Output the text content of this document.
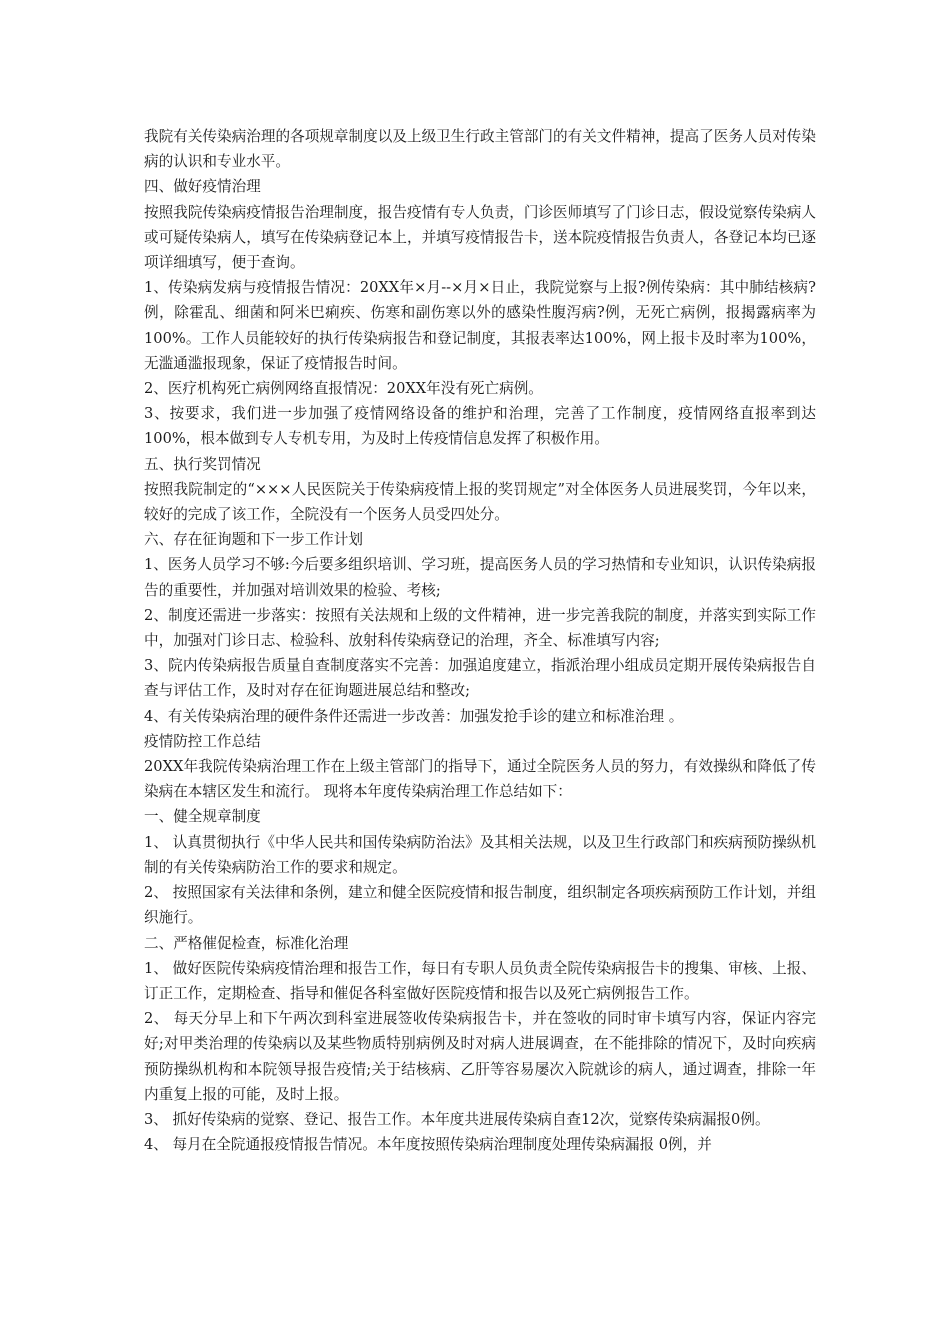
我院有关传染病治理的各项规章制度以及上级卫生行政主管部门的有关文件精神，提高了医务人员对传染病的认识和专业水平。

四、做好疫情治理

按照我院传染病疫情报告治理制度，报告疫情有专人负责，门诊医师填写了门诊日志，假设觉察传染病人或可疑传染病人，填写在传染病登记本上，并填写疫情报告卡，送本院疫情报告负责人，各登记本均已逐项详细填写，便于查询。

1、传染病发病与疫情报告情况：20XX年×月--×月×日止，我院觉察与上报?例传染病：其中肺结核病?例，除霍乱、细菌和阿米巴痢疾、伤寒和副伤寒以外的感染性腹泻病?例，无死亡病例，报揭露病率为100%。工作人员能较好的执行传染病报告和登记制度，其报表率达100%，网上报卡及时率为100%，无滥通滥报现象，保证了疫情报告时间。

2、医疗机构死亡病例网络直报情况：20XX年没有死亡病例。

3、按要求，我们进一步加强了疫情网络设备的维护和治理，完善了工作制度，疫情网络直报率到达100%，根本做到专人专机专用，为及时上传疫情信息发挥了积极作用。

五、执行奖罚情况

按照我院制定的“×××人民医院关于传染病疫情上报的奖罚规定”对全体医务人员进展奖罚，今年以来，较好的完成了该工作，全院没有一个医务人员受四处分。

六、存在征询题和下一步工作计划

1、医务人员学习不够:今后要多组织培训、学习班，提高医务人员的学习热情和专业知识，认识传染病报告的重要性，并加强对培训效果的检验、考核;

2、制度还需进一步落实：按照有关法规和上级的文件精神，进一步完善我院的制度，并落实到实际工作中，加强对门诊日志、检验科、放射科传染病登记的治理，齐全、标准填写内容;

3、院内传染病报告质量自查制度落实不完善：加强追度建立，指派治理小组成员定期开展传染病报告自查与评估工作，及时对存在征询题进展总结和整改;

4、有关传染病治理的硬件条件还需进一步改善：加强发抢手诊的建立和标准治理 。

疫情防控工作总结

20XX年我院传染病治理工作在上级主管部门的指导下，通过全院医务人员的努力，有效操纵和降低了传染病在本辖区发生和流行。 现将本年度传染病治理工作总结如下：

一、健全规章制度

1、 认真贯彻执行《中华人民共和国传染病防治法》及其相关法规，以及卫生行政部门和疾病预防操纵机制的有关传染病防治工作的要求和规定。

2、 按照国家有关法律和条例，建立和健全医院疫情和报告制度，组织制定各项疾病预防工作计划，并组织施行。

二、严格催促检查，标准化治理

1、 做好医院传染病疫情治理和报告工作，每日有专职人员负责全院传染病报告卡的搜集、审核、上报、订正工作，定期检查、指导和催促各科室做好医院疫情和报告以及死亡病例报告工作。

2、 每天分早上和下午两次到科室进展签收传染病报告卡，并在签收的同时审卡填写内容，保证内容完好;对甲类治理的传染病以及某些物质特别病例及时对病人进展调查，在不能排除的情况下，及时向疾病预防操纵机构和本院领导报告疫情;关于结核病、乙肝等容易屡次入院就诊的病人，通过调查，排除一年内重复上报的可能，及时上报。

3、 抓好传染病的觉察、登记、报告工作。本年度共进展传染病自查12次，觉察传染病漏报0例。

4、 每月在全院通报疫情报告情况。本年度按照传染病治理制度处理传染病漏报 0例，并
